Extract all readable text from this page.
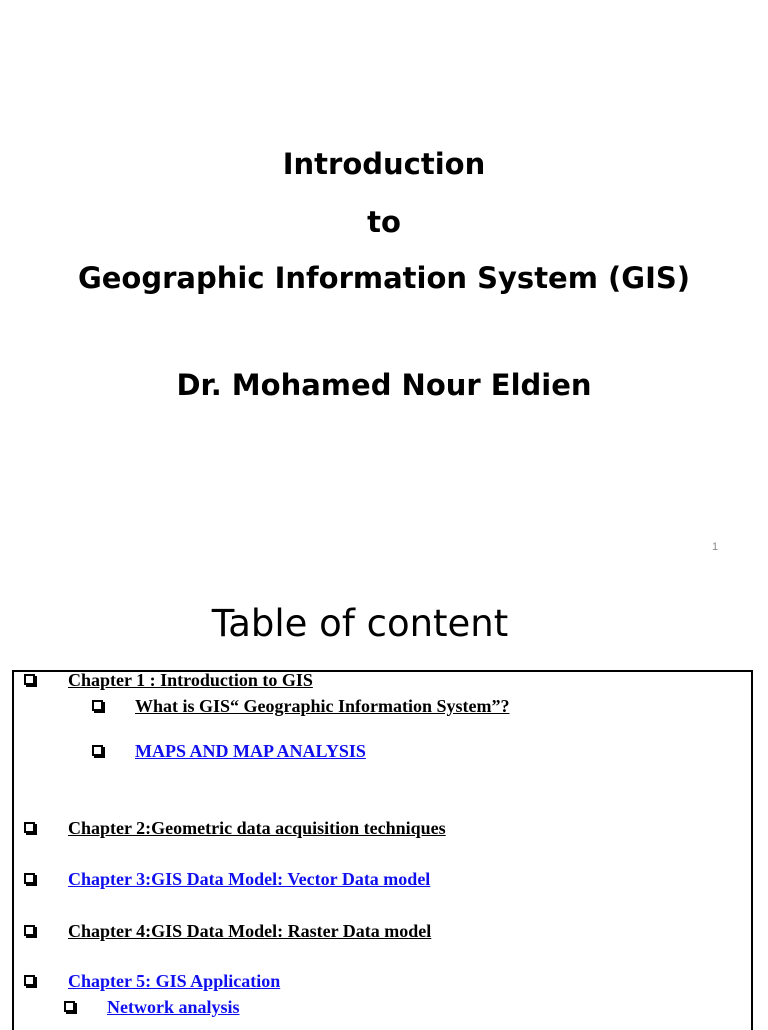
Introduction
to
Geographic Information System (GIS)
Dr. Mohamed Nour Eldien
1
Table of content
Chapter 1 : Introduction to GIS
What is GIS“ Geographic Information System”?
MAPS AND MAP ANALYSIS
Chapter 2:Geometric data acquisition techniques
Chapter 3:GIS Data Model: Vector Data model
Chapter 4:GIS Data Model: Raster Data model
Chapter 5: GIS Application
Network analysis
